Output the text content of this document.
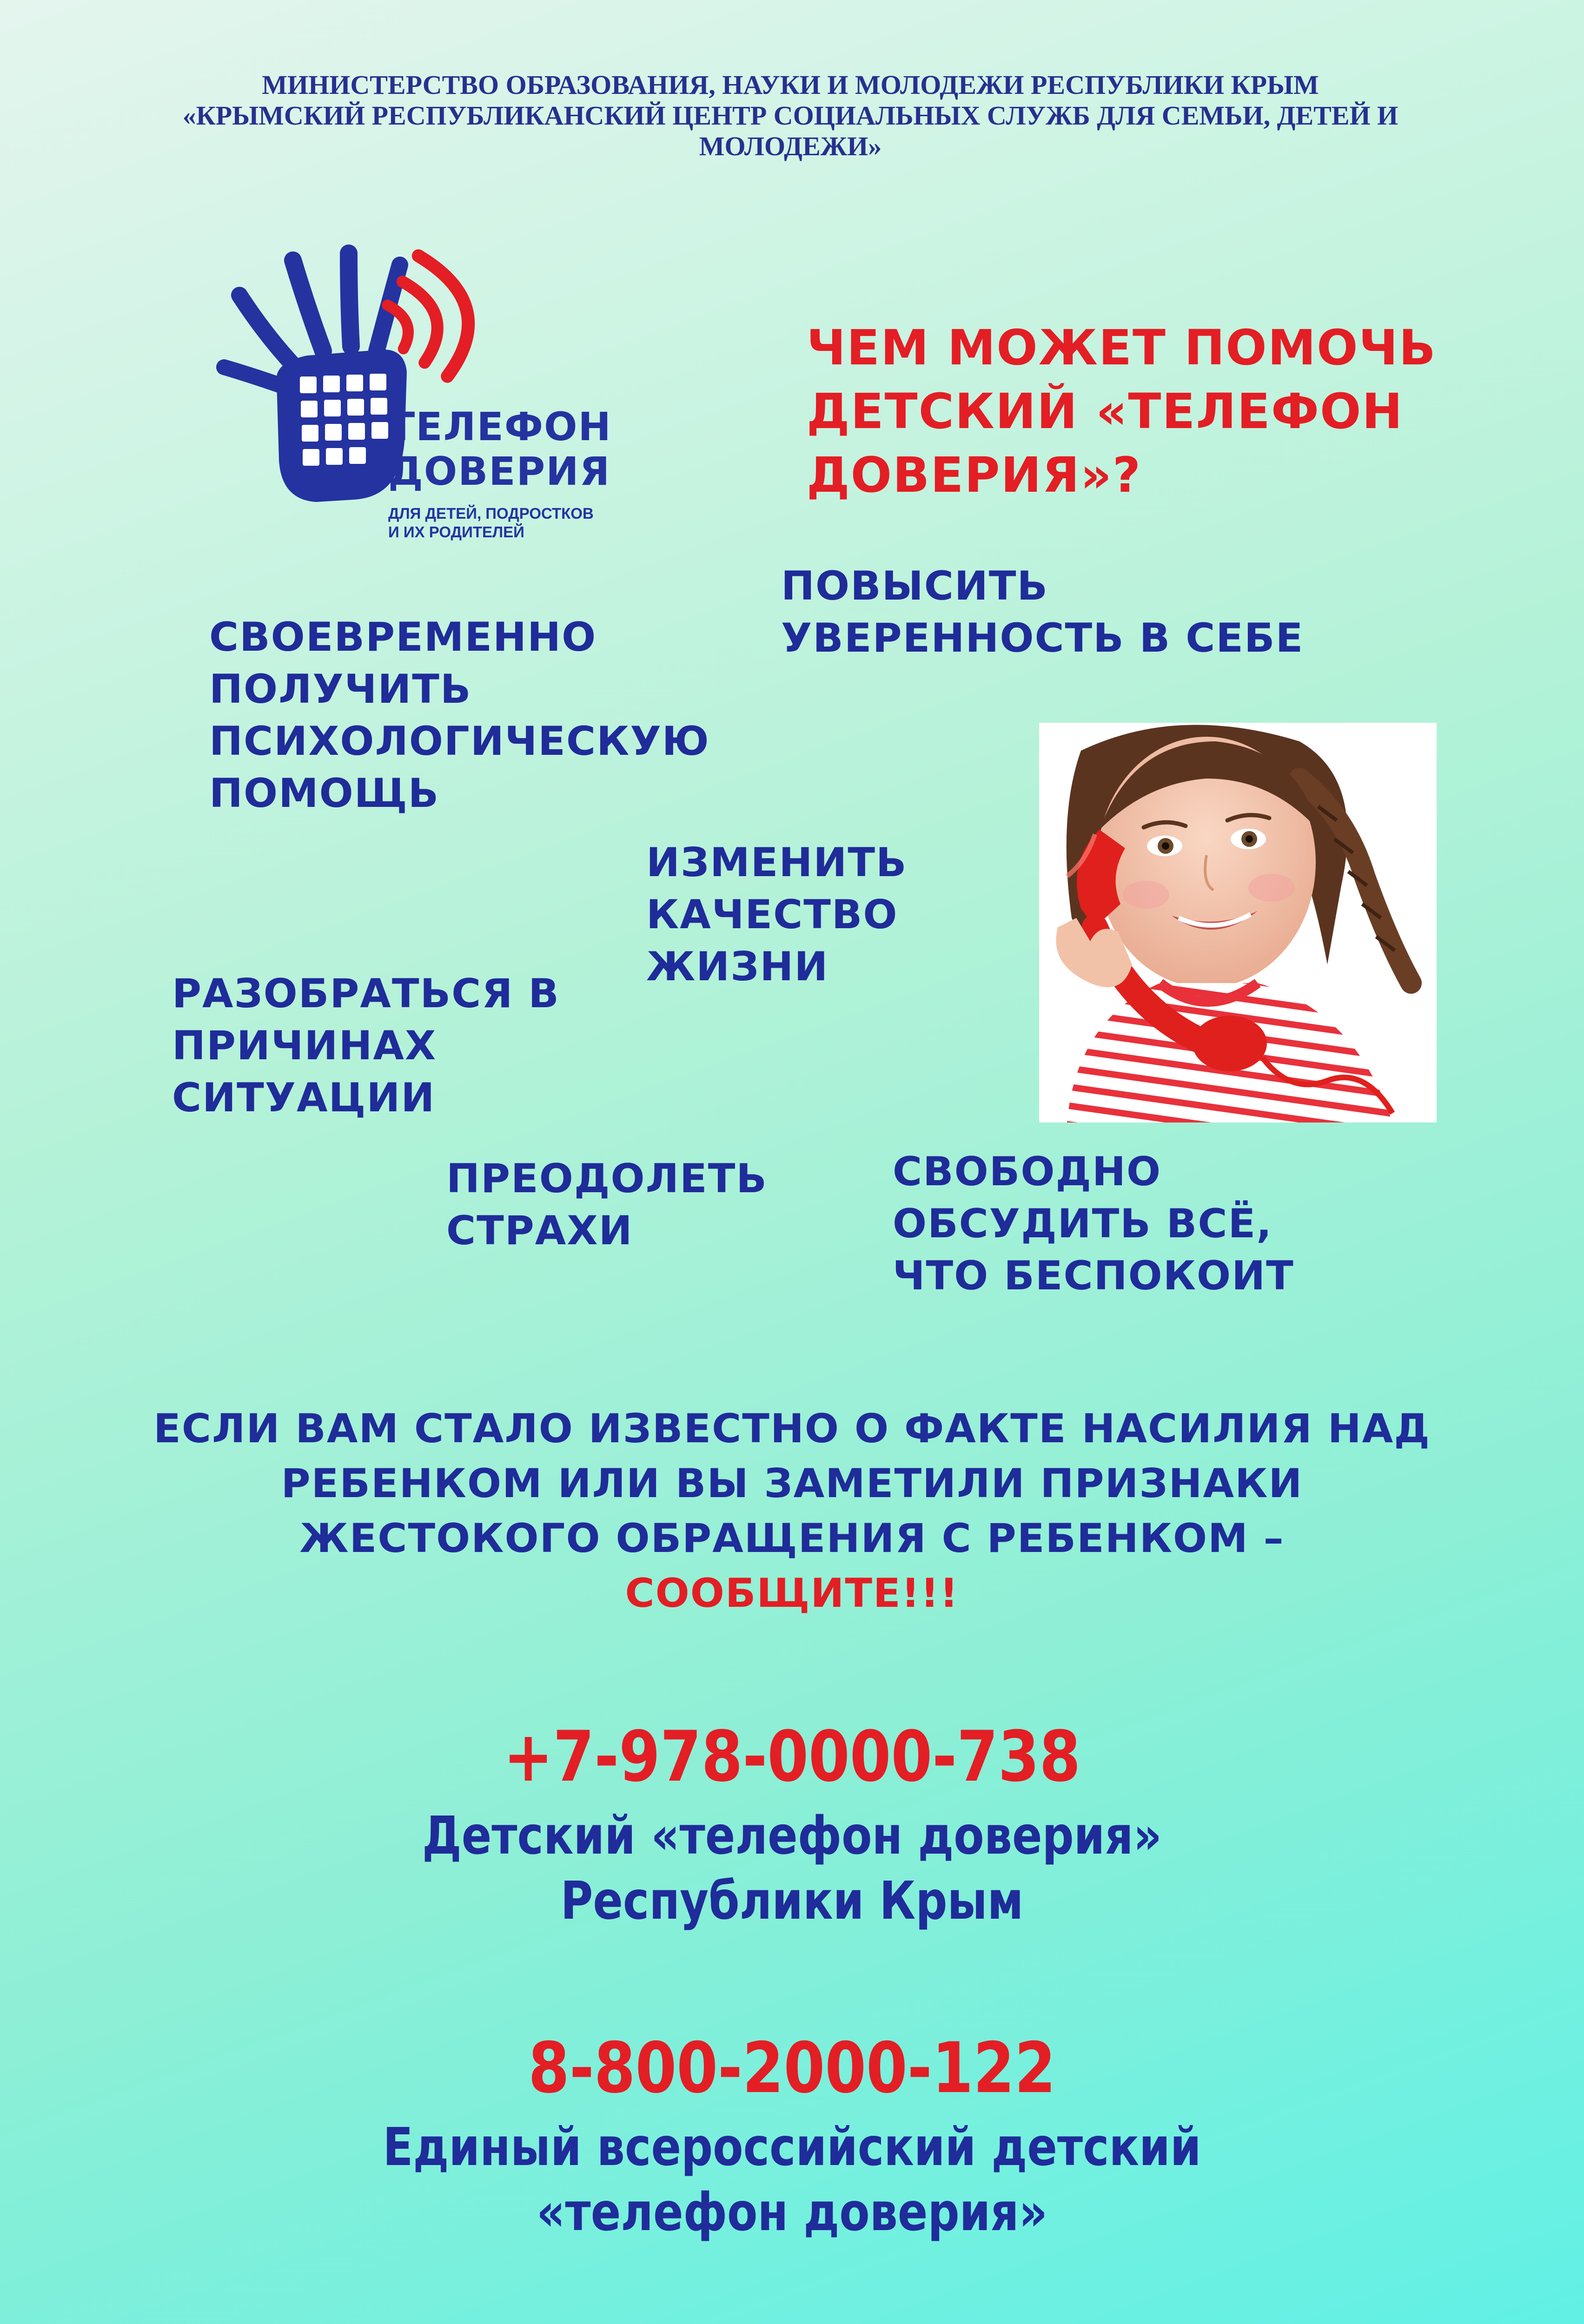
МИНИСТЕРСТВО ОБРАЗОВАНИЯ, НАУКИ И МОЛОДЕЖИ РЕСПУБЛИКИ КРЫМ
«КРЫМСКИЙ РЕСПУБЛИКАНСКИЙ ЦЕНТР СОЦИАЛЬНЫХ СЛУЖБ ДЛЯ СЕМЬИ, ДЕТЕЙ И
МОЛОДЕЖИ»
ТЕЛЕФОН
ДОВЕРИЯ
ДЛЯ ДЕТЕЙ, ПОДРОСТКОВ
И ИХ РОДИТЕЛЕЙ
ЧЕМ МОЖЕТ ПОМОЧЬ
ДЕТСКИЙ «ТЕЛЕФОН
ДОВЕРИЯ»?
ПОВЫСИТЬ
УВЕРЕННОСТЬ В СЕБЕ
СВОЕВРЕМЕННО
ПОЛУЧИТЬ
ПСИХОЛОГИЧЕСКУЮ
ПОМОЩЬ
ИЗМЕНИТЬ
КАЧЕСТВО
ЖИЗНИ
РАЗОБРАТЬСЯ В
ПРИЧИНАХ
СИТУАЦИИ
ПРЕОДОЛЕТЬ
СТРАХИ
СВОБОДНО
ОБСУДИТЬ ВСЁ,
ЧТО БЕСПОКОИТ
ЕСЛИ ВАМ СТАЛО ИЗВЕСТНО О ФАКТЕ НАСИЛИЯ НАД
РЕБЕНКОМ ИЛИ ВЫ ЗАМЕТИЛИ ПРИЗНАКИ
ЖЕСТОКОГО ОБРАЩЕНИЯ С РЕБЕНКОМ –
СООБЩИТЕ!!!
+7-978-0000-738
Детский «телефон доверия»
Республики Крым
8-800-2000-122
Единый всероссийский детский
«телефон доверия»
